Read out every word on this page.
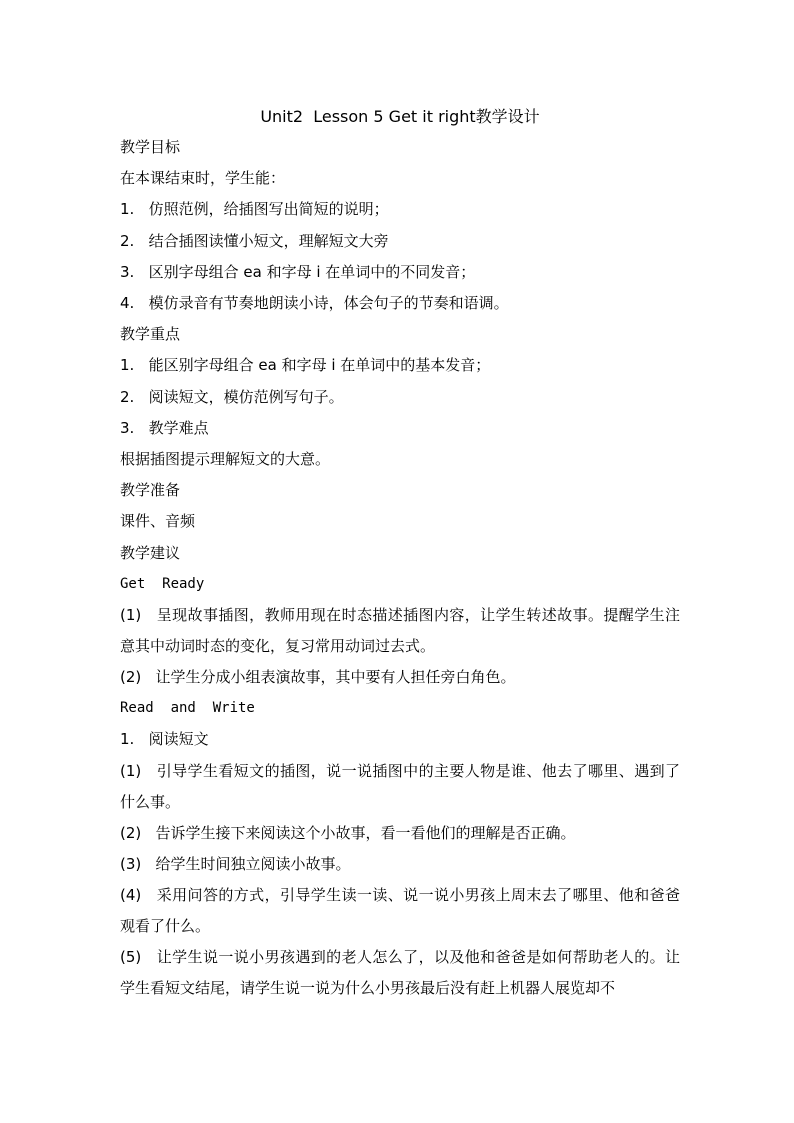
Unit2  Lesson 5 Get it right教学设计

教学目标

在本课结束时，学生能：

1.   仿照范例，给插图写出简短的说明；

2.   结合插图读懂小短文，理解短文大旁

3.   区别字母组合 ea 和字母 i 在单词中的不同发音；

4.   模仿录音有节奏地朗读小诗，体会句子的节奏和语调。

教学重点

1.   能区别字母组合 ea 和字母 i 在单词中的基本发音；

2.   阅读短文，模仿范例写句子。

3.   教学难点

根据插图提示理解短文的大意。

教学准备

课件、音频

教学建议

Get  Ready

(1)   呈现故事插图，教师用现在时态描述插图内容，让学生转述故事。提醒学生注意其中动词时态的变化，复习常用动词过去式。

(2)   让学生分成小组表演故事，其中要有人担任旁白角色。

Read  and  Write

1.   阅读短文

(1)   引导学生看短文的插图，说一说插图中的主要人物是谁、他去了哪里、遇到了什么事。

(2)   告诉学生接下来阅读这个小故事，看一看他们的理解是否正确。

(3)   给学生时间独立阅读小故事。

(4)   采用问答的方式，引导学生读一读、说一说小男孩上周末去了哪里、他和爸爸观看了什么。

(5)   让学生说一说小男孩遇到的老人怎么了，以及他和爸爸是如何帮助老人的。让学生看短文结尾，请学生说一说为什么小男孩最后没有赶上机器人展览却不
